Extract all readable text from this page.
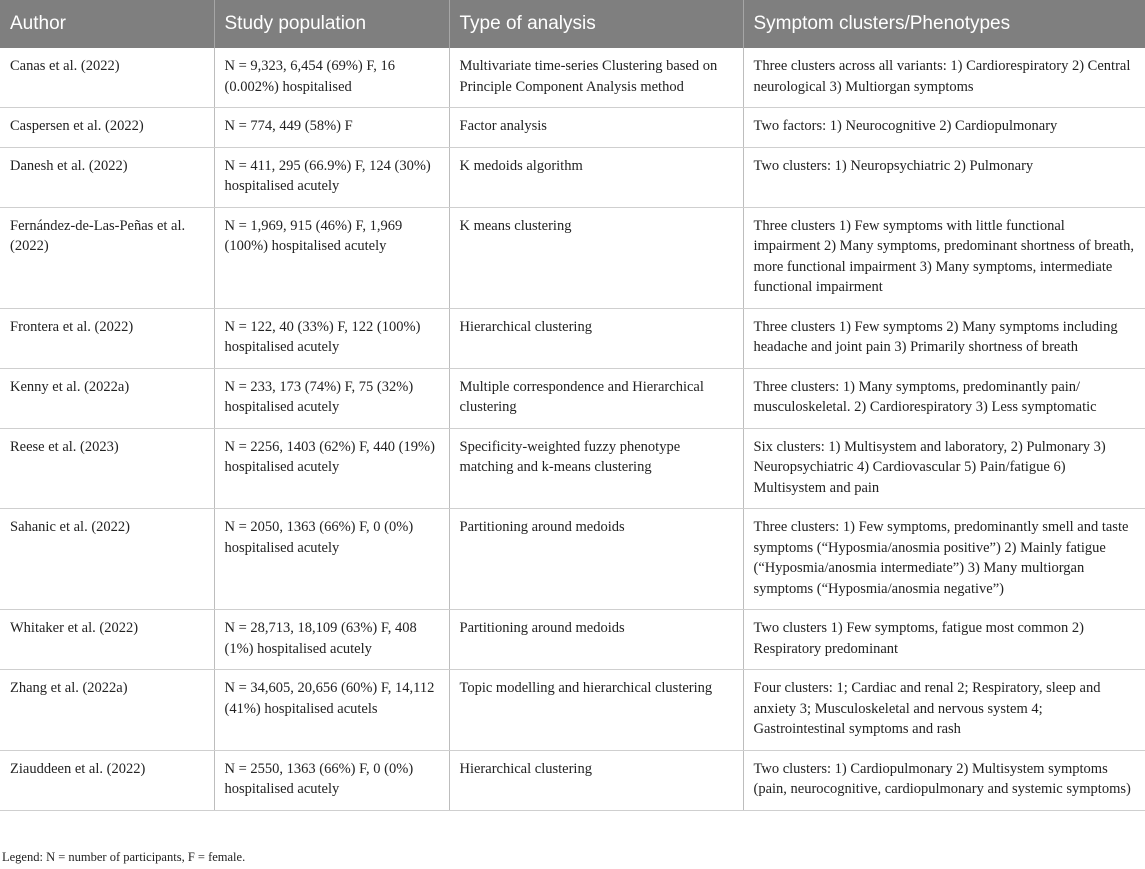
Author	Study population	Type of analysis	Symptom clusters/Phenotypes
Canas et al. (2022)	N = 9,323, 6,454 (69%) F, 16 (0.002%) hospitalised	Multivariate time-series Clustering based on Principle Component Analysis method	Three clusters across all variants: 1) Cardiorespiratory 2) Central neurological 3) Multiorgan symptoms
Caspersen et al. (2022)	N = 774, 449 (58%) F	Factor analysis	Two factors: 1) Neurocognitive 2) Cardiopulmonary
Danesh et al. (2022)	N = 411, 295 (66.9%) F, 124 (30%) hospitalised acutely	K medoids algorithm	Two clusters: 1) Neuropsychiatric 2) Pulmonary
Fernández-de-Las-Peñas et al. (2022)	N = 1,969, 915 (46%) F, 1,969 (100%) hospitalised acutely	K means clustering	Three clusters 1) Few symptoms with little functional impairment 2) Many symptoms, predominant shortness of breath, more functional impairment 3) Many symptoms, intermediate functional impairment
Frontera et al. (2022)	N = 122, 40 (33%) F, 122 (100%) hospitalised acutely	Hierarchical clustering	Three clusters 1) Few symptoms 2) Many symptoms including headache and joint pain 3) Primarily shortness of breath
Kenny et al. (2022a)	N = 233, 173 (74%) F, 75 (32%) hospitalised acutely	Multiple correspondence and Hierarchical clustering	Three clusters: 1) Many symptoms, predominantly pain/ musculoskeletal. 2) Cardiorespiratory 3) Less symptomatic
Reese et al. (2023)	N = 2256, 1403 (62%) F, 440 (19%) hospitalised acutely	Specificity-weighted fuzzy phenotype matching and k-means clustering	Six clusters: 1) Multisystem and laboratory, 2) Pulmonary 3) Neuropsychiatric 4) Cardiovascular 5) Pain/fatigue 6) Multisystem and pain
Sahanic et al. (2022)	N = 2050, 1363 (66%) F, 0 (0%) hospitalised acutely	Partitioning around medoids	Three clusters: 1) Few symptoms, predominantly smell and taste symptoms (“Hyposmia/anosmia positive”) 2) Mainly fatigue (“Hyposmia/anosmia intermediate”) 3) Many multiorgan symptoms (“Hyposmia/anosmia negative”)
Whitaker et al. (2022)	N = 28,713, 18,109 (63%) F, 408 (1%) hospitalised acutely	Partitioning around medoids	Two clusters 1) Few symptoms, fatigue most common 2) Respiratory predominant
Zhang et al. (2022a)	N = 34,605, 20,656 (60%) F, 14,112 (41%) hospitalised acutels	Topic modelling and hierarchical clustering	Four clusters: 1; Cardiac and renal 2; Respiratory, sleep and anxiety 3; Musculoskeletal and nervous system 4; Gastrointestinal symptoms and rash
Ziauddeen et al. (2022)	N = 2550, 1363 (66%) F, 0 (0%) hospitalised acutely	Hierarchical clustering	Two clusters: 1) Cardiopulmonary 2) Multisystem symptoms (pain, neurocognitive, cardiopulmonary and systemic symptoms)
Legend: N = number of participants, F = female.
